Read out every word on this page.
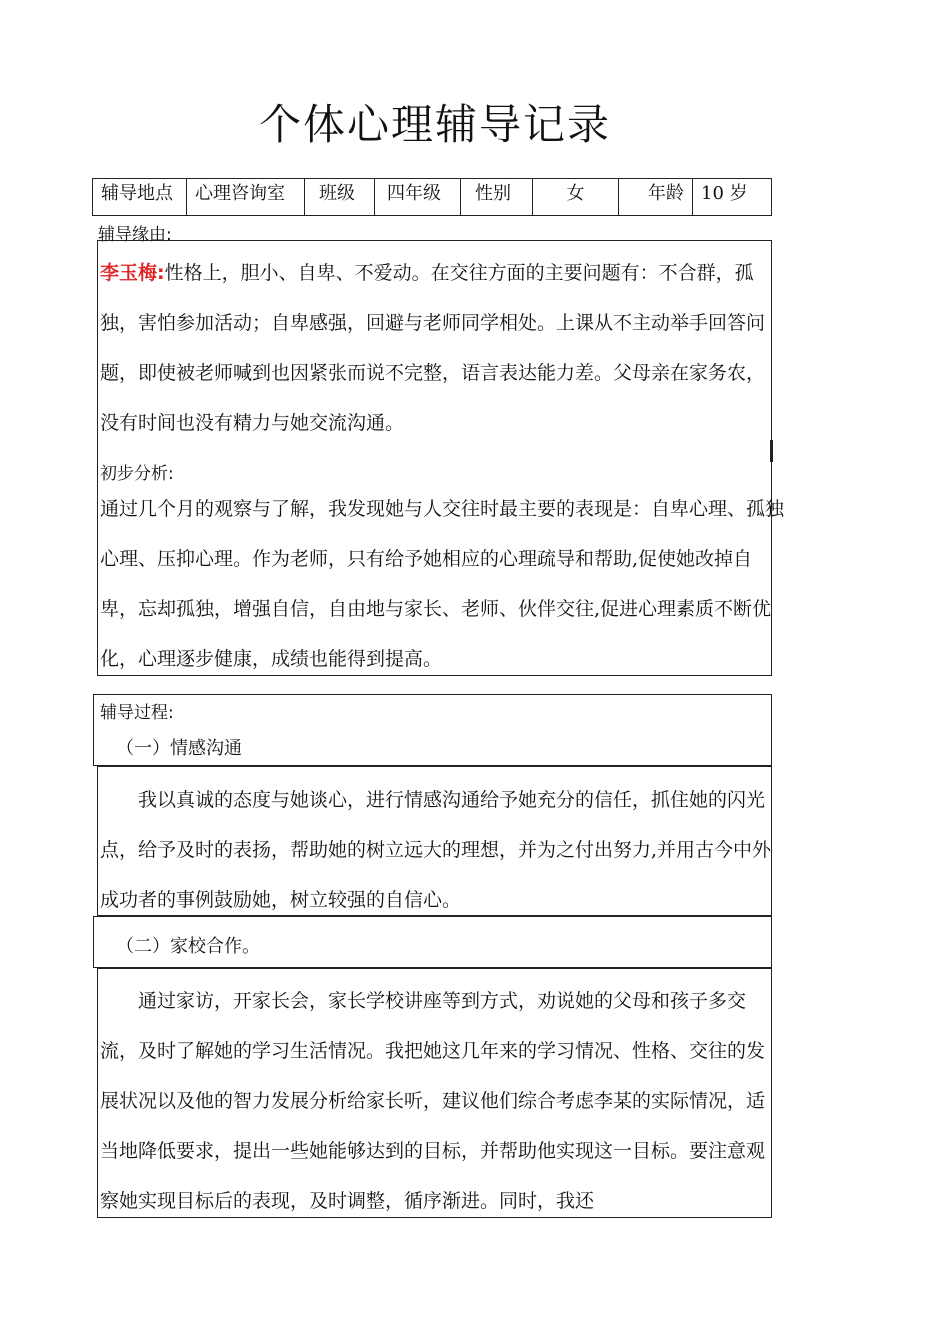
个体心理辅导记录
辅导地点	心理咨询室	班级	四年级	性别	女	年龄 10 岁
辅导缘由:
李玉梅:性格上，胆小、自卑、不爱动。在交往方面的主要问题有：不合群，孤独，害怕参加活动；自卑感强，回避与老师同学相处。上课从不主动举手回答问题，即使被老师喊到也因紧张而说不完整，语言表达能力差。父母亲在家务农，没有时间也没有精力与她交流沟通。
初步分析:
通过几个月的观察与了解，我发现她与人交往时最主要的表现是：自卑心理、孤独心理、压抑心理。作为老师，只有给予她相应的心理疏导和帮助,促使她改掉自卑，忘却孤独，增强自信，自由地与家长、老师、伙伴交往,促进心理素质不断优化，心理逐步健康，成绩也能得到提高。
辅导过程:
（一）情感沟通
我以真诚的态度与她谈心，进行情感沟通给予她充分的信任，抓住她的闪光点，给予及时的表扬，帮助她的树立远大的理想，并为之付出努力,并用古今中外成功者的事例鼓励她，树立较强的自信心。
（二）家校合作。
通过家访，开家长会，家长学校讲座等到方式，劝说她的父母和孩子多交流，及时了解她的学习生活情况。我把她这几年来的学习情况、性格、交往的发展状况以及他的智力发展分析给家长听，建议他们综合考虑李某的实际情况，适当地降低要求，提出一些她能够达到的目标，并帮助他实现这一目标。要注意观察她实现目标后的表现，及时调整，循序渐进。同时，我还
